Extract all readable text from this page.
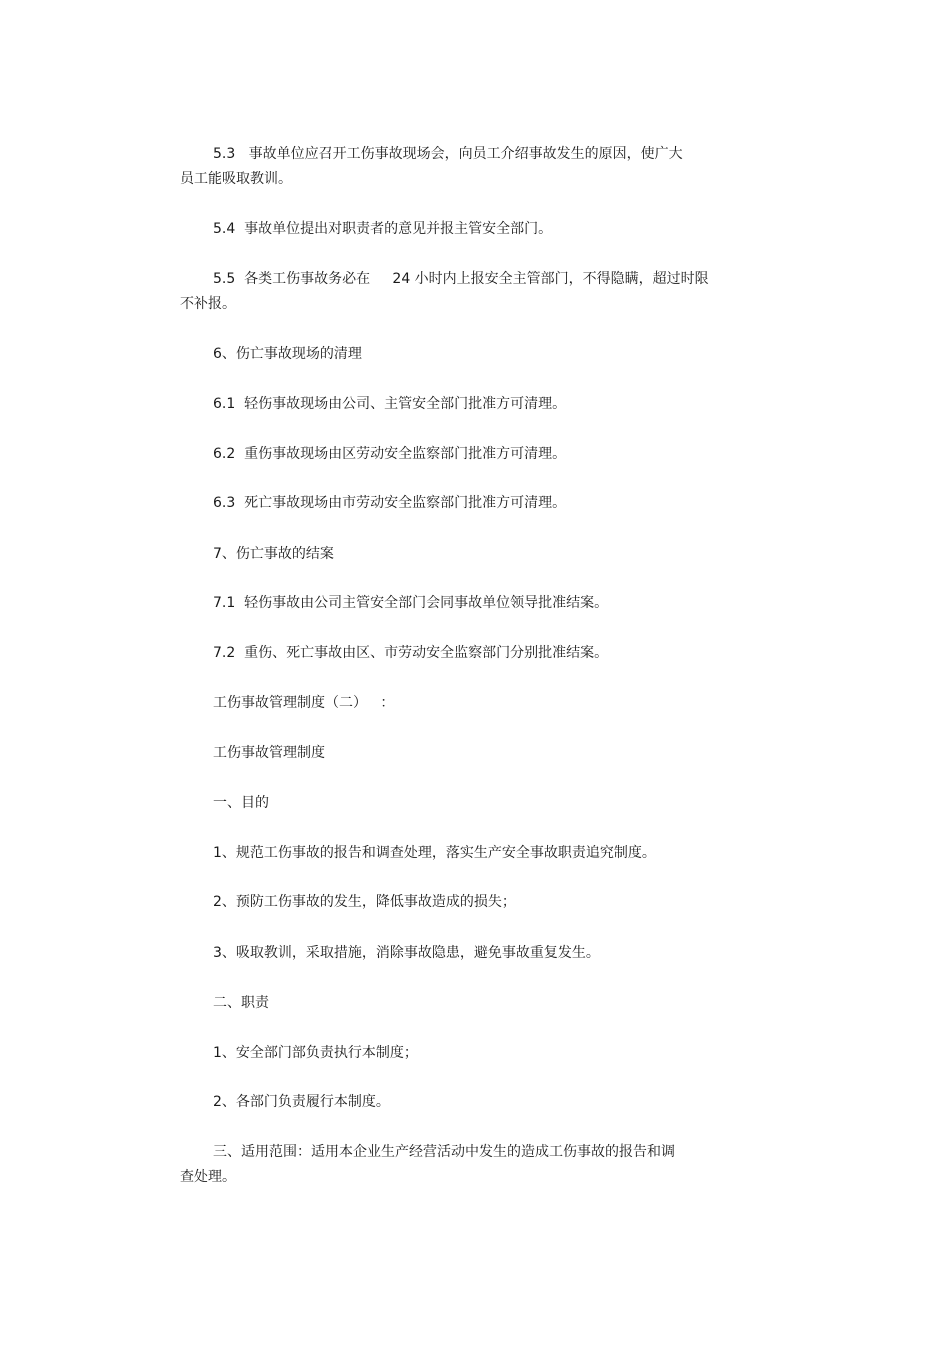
5.3   事故单位应召开工伤事故现场会，向员工介绍事故发生的原因，使广大
员工能吸取教训。
5.4  事故单位提出对职责者的意见并报主管安全部门。
5.5  各类工伤事故务必在     24 小时内上报安全主管部门，不得隐瞒，超过时限
不补报。
6、伤亡事故现场的清理
6.1  轻伤事故现场由公司、主管安全部门批准方可清理。
6.2  重伤事故现场由区劳动安全监察部门批准方可清理。
6.3  死亡事故现场由市劳动安全监察部门批准方可清理。
7、伤亡事故的结案
7.1  轻伤事故由公司主管安全部门会同事故单位领导批准结案。
7.2  重伤、死亡事故由区、市劳动安全监察部门分别批准结案。
工伤事故管理制度（二）   ：
工伤事故管理制度
一、目的
1、规范工伤事故的报告和调查处理，落实生产安全事故职责追究制度。
2、预防工伤事故的发生，降低事故造成的损失；
3、吸取教训，采取措施，消除事故隐患，避免事故重复发生。
二、职责
1、安全部门部负责执行本制度；
2、各部门负责履行本制度。
三、适用范围：适用本企业生产经营活动中发生的造成工伤事故的报告和调
查处理。
